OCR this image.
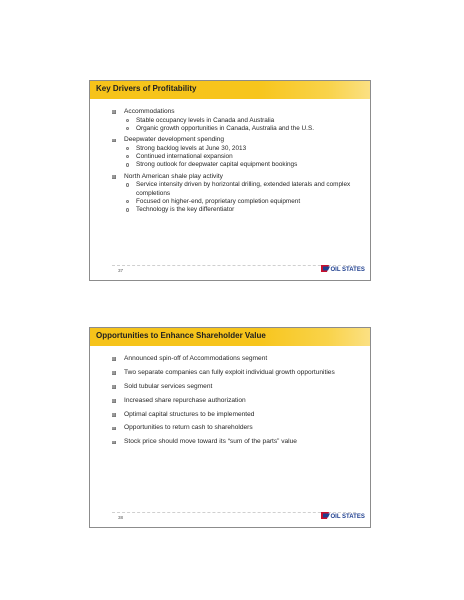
Key Drivers of Profitability
Accommodations
Stable occupancy levels in Canada and Australia
Organic growth opportunities in Canada, Australia and the U.S.
Deepwater development spending
Strong backlog levels at June 30, 2013
Continued international expansion
Strong outlook for deepwater capital equipment bookings
North American shale play activity
Service intensity driven by horizontal drilling, extended laterals and complex completions
Focused on higher-end, proprietary completion equipment
Technology is the key differentiator
37	OIL STATES
Opportunities to Enhance Shareholder Value
Announced spin-off of Accommodations segment
Two separate companies can fully exploit individual growth opportunities
Sold tubular services segment
Increased share repurchase authorization
Optimal capital structures to be implemented
Opportunities to return cash to shareholders
Stock price should move toward its “sum of the parts” value
38	OIL STATES
